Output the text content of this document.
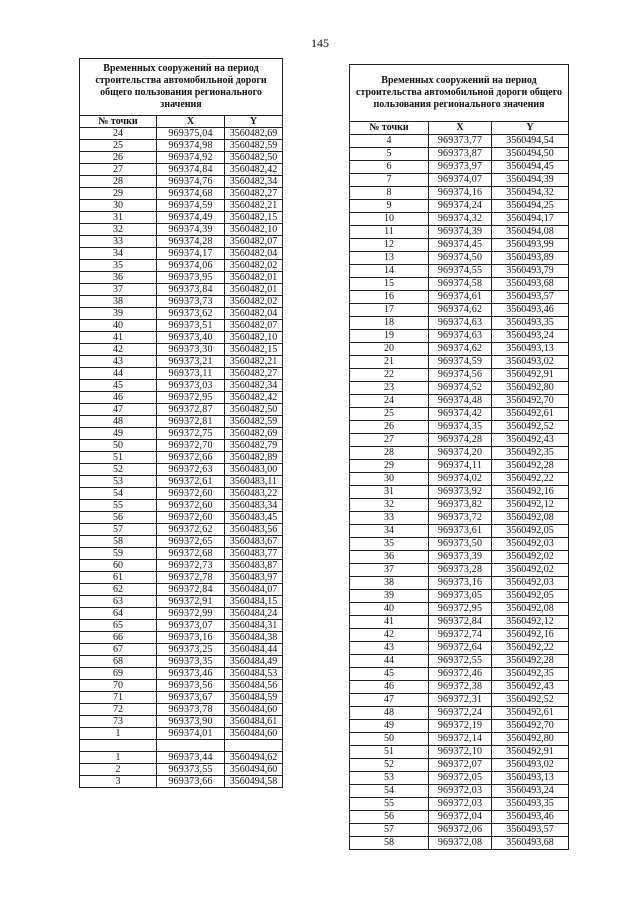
145
Временных сооружений на период строительства автомобильной дороги общего пользования регионального значения		
№ точки	X	Y
24	969375,04	3560482,69
25	969374,98	3560482,59
26	969374,92	3560482,50
27	969374,84	3560482,42
28	969374,76	3560482,34
29	969374,68	3560482,27
30	969374,59	3560482,21
31	969374,49	3560482,15
32	969374,39	3560482,10
33	969374,28	3560482,07
34	969374,17	3560482,04
35	969374,06	3560482,02
36	969373,95	3560482,01
37	969373,84	3560482,01
38	969373,73	3560482,02
39	969373,62	3560482,04
40	969373,51	3560482,07
41	969373,40	3560482,10
42	969373,30	3560482,15
43	969373,21	3560482,21
44	969373,11	3560482,27
45	969373,03	3560482,34
46	969372,95	3560482,42
47	969372,87	3560482,50
48	969372,81	3560482,59
49	969372,75	3560482,69
50	969372,70	3560482,79
51	969372,66	3560482,89
52	969372,63	3560483,00
53	969372,61	3560483,11
54	969372,60	3560483,22
55	969372,60	3560483,34
56	969372,60	3560483,45
57	969372,62	3560483,56
58	969372,65	3560483,67
59	969372,68	3560483,77
60	969372,73	3560483,87
61	969372,78	3560483,97
62	969372,84	3560484,07
63	969372,91	3560484,15
64	969372,99	3560484,24
65	969373,07	3560484,31
66	969373,16	3560484,38
67	969373,25	3560484,44
68	969373,35	3560484,49
69	969373,46	3560484,53
70	969373,56	3560484,56
71	969373,67	3560484,59
72	969373,78	3560484,60
73	969373,90	3560484,61
1	969374,01	3560484,60

1	969373,44	3560494,62
2	969373,55	3560494,60
3	969373,66	3560494,58
Временных сооружений на период строительства автомобильной дороги общего пользования регионального значения		
№ точки	X	Y
4	969373,77	3560494,54
5	969373,87	3560494,50
6	969373,97	3560494,45
7	969374,07	3560494,39
8	969374,16	3560494,32
9	969374,24	3560494,25
10	969374,32	3560494,17
11	969374,39	3560494,08
12	969374,45	3560493,99
13	969374,50	3560493,89
14	969374,55	3560493,79
15	969374,58	3560493,68
16	969374,61	3560493,57
17	969374,62	3560493,46
18	969374,63	3560493,35
19	969374,63	3560493,24
20	969374,62	3560493,13
21	969374,59	3560493,02
22	969374,56	3560492,91
23	969374,52	3560492,80
24	969374,48	3560492,70
25	969374,42	3560492,61
26	969374,35	3560492,52
27	969374,28	3560492,43
28	969374,20	3560492,35
29	969374,11	3560492,28
30	969374,02	3560492,22
31	969373,92	3560492,16
32	969373,82	3560492,12
33	969373,72	3560492,08
34	969373,61	3560492,05
35	969373,50	3560492,03
36	969373,39	3560492,02
37	969373,28	3560492,02
38	969373,16	3560492,03
39	969373,05	3560492,05
40	969372,95	3560492,08
41	969372,84	3560492,12
42	969372,74	3560492,16
43	969372,64	3560492,22
44	969372,55	3560492,28
45	969372,46	3560492,35
46	969372,38	3560492,43
47	969372,31	3560492,52
48	969372,24	3560492,61
49	969372,19	3560492,70
50	969372,14	3560492,80
51	969372,10	3560492,91
52	969372,07	3560493,02
53	969372,05	3560493,13
54	969372,03	3560493,24
55	969372,03	3560493,35
56	969372,04	3560493,46
57	969372,06	3560493,57
58	969372,08	3560493,68
